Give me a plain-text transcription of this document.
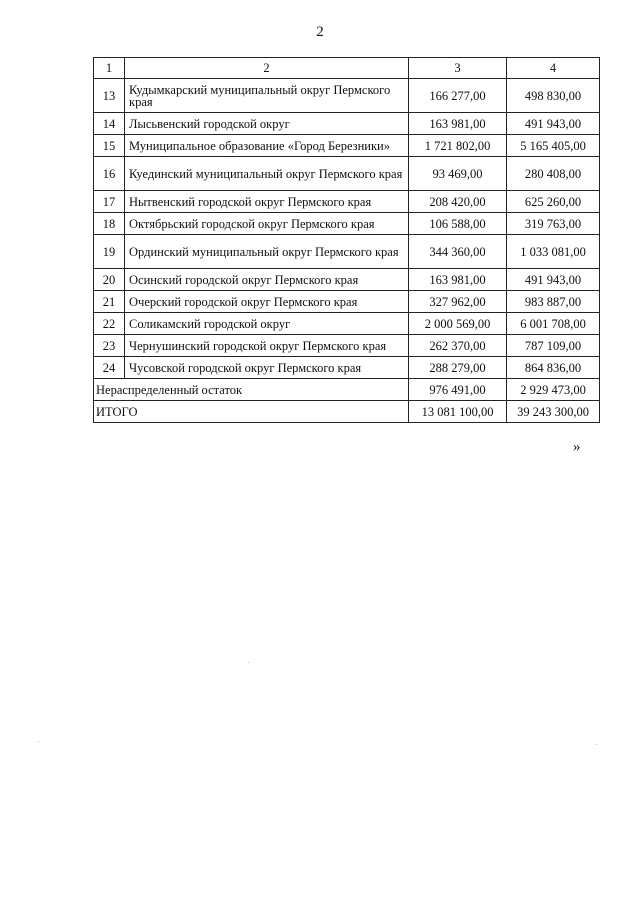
2
1	2	3	4
13	Кудымкарский муниципальный округ Пермского края	166 277,00	498 830,00
14	Лысьвенский городской округ	163 981,00	491 943,00
15	Муниципальное образование «Город Березники»	1 721 802,00	5 165 405,00
16	Куединский муниципальный округ Пермского края	93 469,00	280 408,00
17	Нытвенский городской округ Пермского края	208 420,00	625 260,00
18	Октябрьский городской округ Пермского края	106 588,00	319 763,00
19	Ординский муниципальный округ Пермского края	344 360,00	1 033 081,00
20	Осинский городской округ Пермского края	163 981,00	491 943,00
21	Очерский городской округ Пермского края	327 962,00	983 887,00
22	Соликамский городской округ	2 000 569,00	6 001 708,00
23	Чернушинский городской округ Пермского края	262 370,00	787 109,00
24	Чусовской городской округ Пермского края	288 279,00	864 836,00
Нераспределенный остаток		976 491,00	2 929 473,00
ИТОГО		13 081 100,00	39 243 300,00
»
